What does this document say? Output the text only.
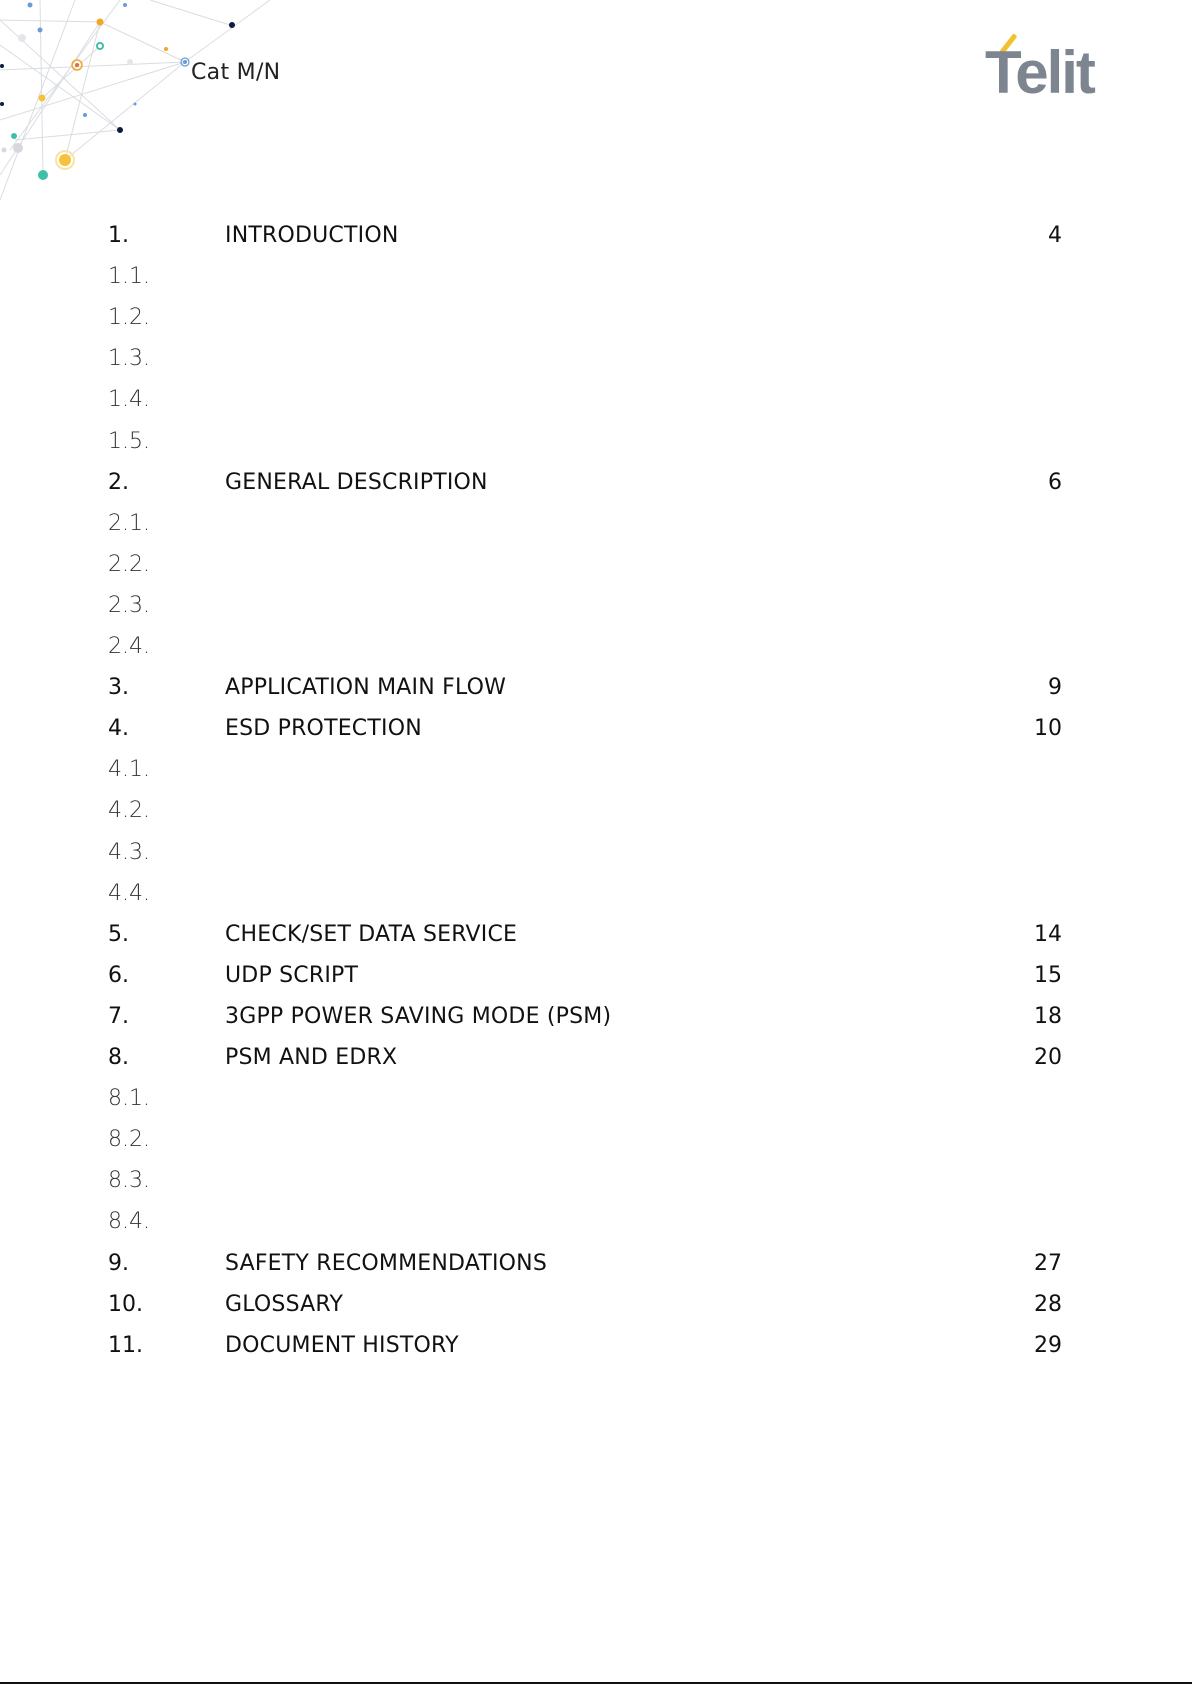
Cat M/N	Telit
1.	INTRODUCTION	4
1.1.
1.2.
1.3.
1.4.
1.5.
2.	GENERAL DESCRIPTION	6
2.1.
2.2.
2.3.
2.4.
3.	APPLICATION MAIN FLOW	9
4.	ESD PROTECTION	10
4.1.
4.2.
4.3.
4.4.
5.	CHECK/SET DATA SERVICE	14
6.	UDP SCRIPT	15
7.	3GPP POWER SAVING MODE (PSM)	18
8.	PSM AND EDRX	20
8.1.
8.2.
8.3.
8.4.
9.	SAFETY RECOMMENDATIONS	27
10.	GLOSSARY	28
11.	DOCUMENT HISTORY	29
